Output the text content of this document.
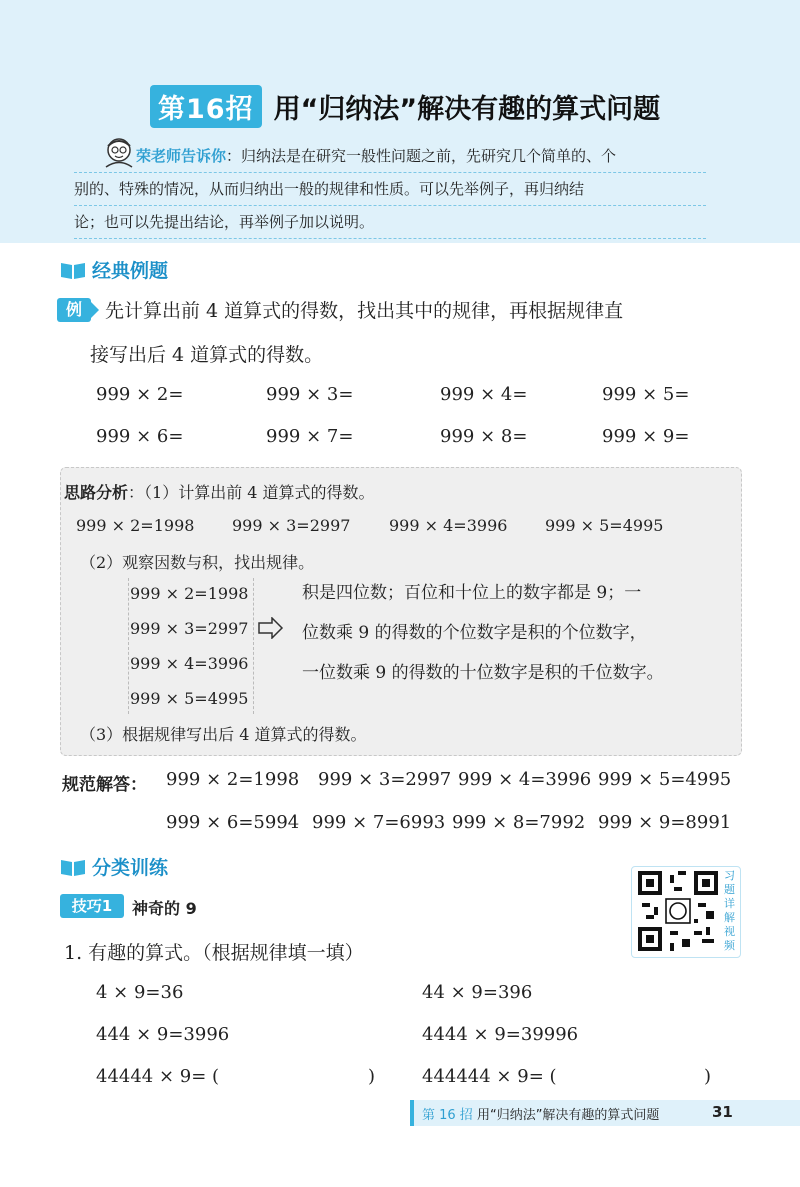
第16招 用“归纳法”解决有趣的算式问题
荣老师告诉你：归纳法是在研究一般性问题之前，先研究几个简单的、个
别的、特殊的情况，从而归纳出一般的规律和性质。可以先举例子，再归纳结
论；也可以先提出结论，再举例子加以说明。
经典例题
例	先计算出前 4 道算式的得数，找出其中的规律，再根据规律直
接写出后 4 道算式的得数。
999 × 2=	999 × 3=	999 × 4=	999 × 5=
999 × 6=	999 × 7=	999 × 8=	999 × 9=
思路分析：（1）计算出前 4 道算式的得数。
999 × 2=1998 999 × 3=2997 999 × 4=3996 999 × 5=4995
（2）观察因数与积，找出规律。
999 × 2=1998
999 × 3=2997
999 × 4=3996
999 × 5=4995
积是四位数；百位和十位上的数字都是 9；一
位数乘 9 的得数的个位数字是积的个位数字，
一位数乘 9 的得数的十位数字是积的千位数字。
（3）根据规律写出后 4 道算式的得数。
规范解答： 999 × 2=1998 999 × 3=2997 999 × 4=3996 999 × 5=4995
999 × 6=5994 999 × 7=6993 999 × 8=7992 999 × 9=8991
分类训练
技巧1	神奇的 9
习题详解视频
1. 有趣的算式。（根据规律填一填）
4 × 9=36	44 × 9=396
444 × 9=3996	4444 × 9=39996
44444 × 9= (	)	444444 × 9= (	)
第 16 招 用“归纳法”解决有趣的算式问题	31
